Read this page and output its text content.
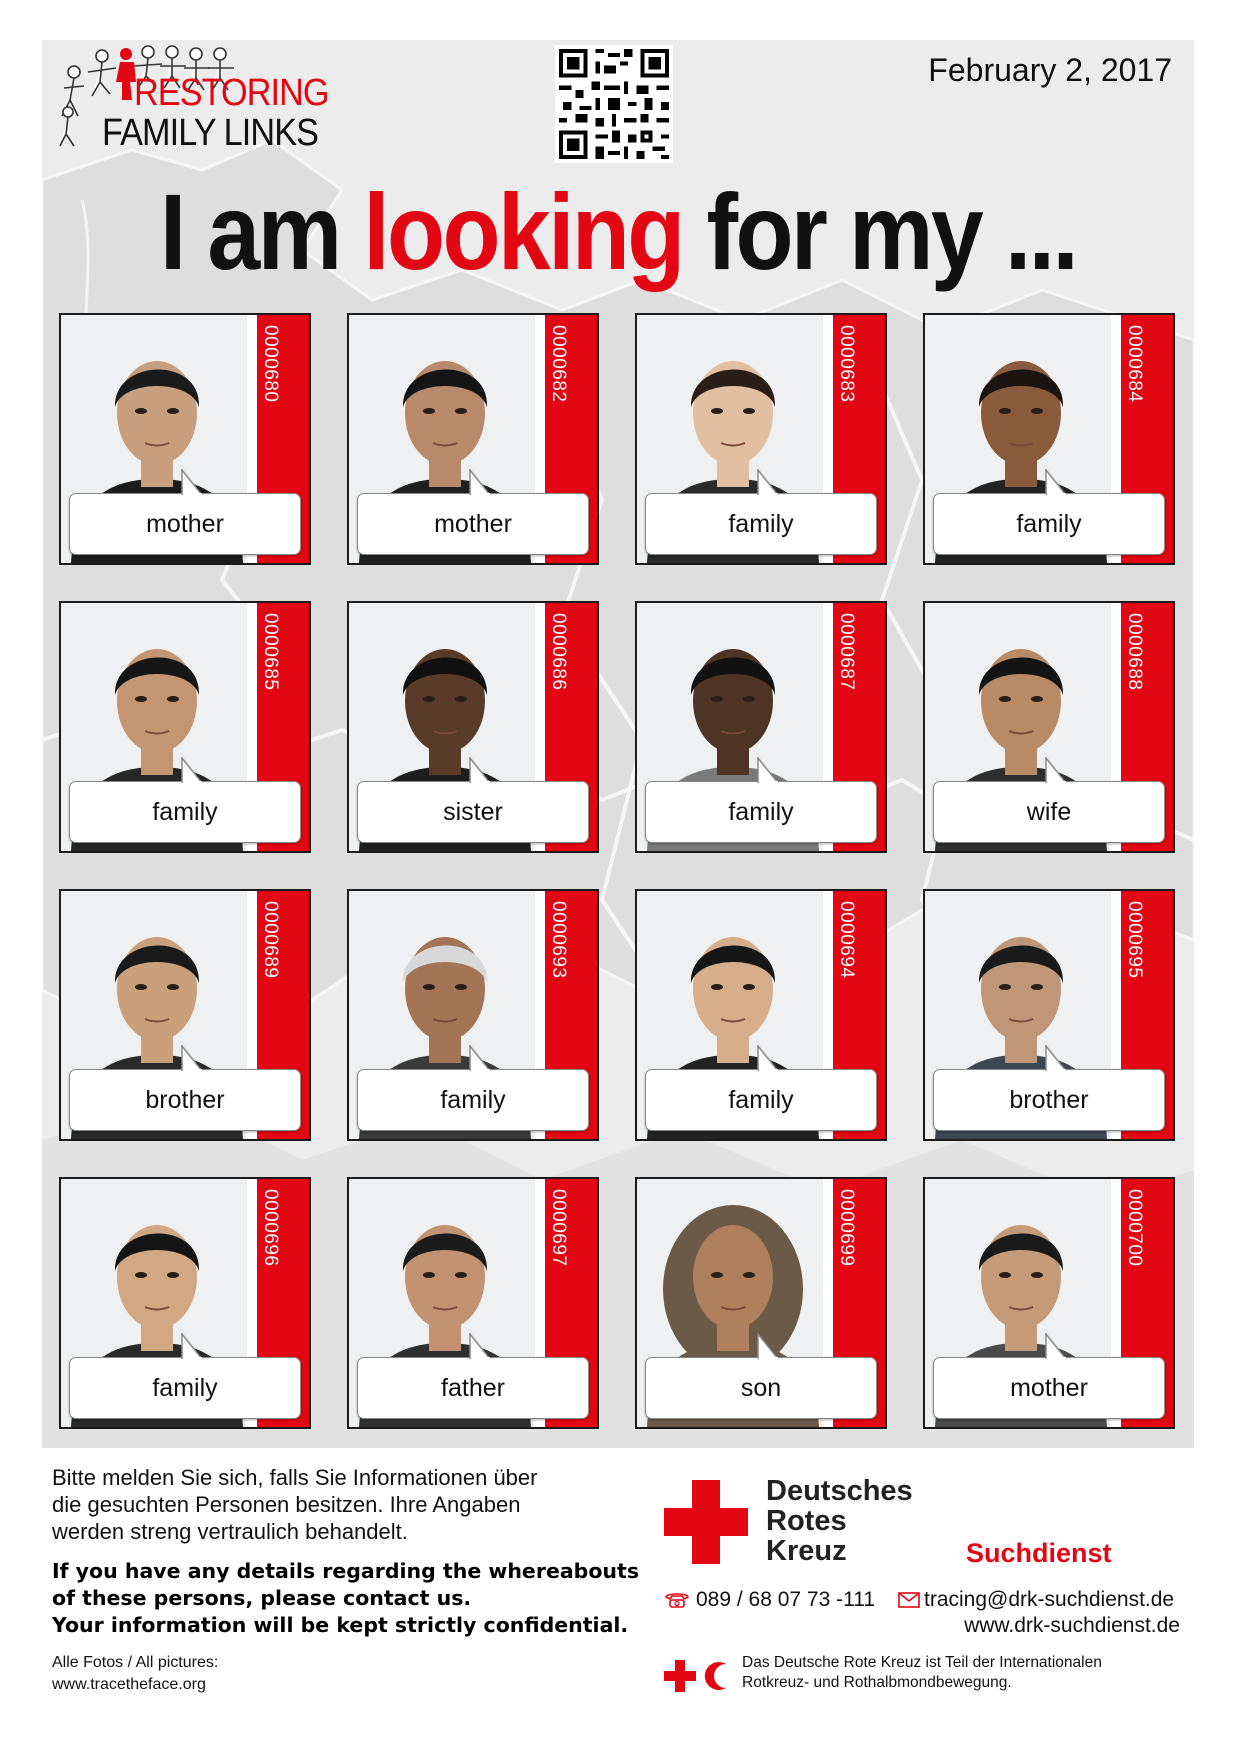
RESTORING
FAMILY LINKS
February 2, 2017
I am looking for my ...
0000680
mother
0000682
mother
0000683
family
0000684
family
0000685
family
0000686
sister
0000687
family
0000688
wife
0000689
brother
0000693
family
0000694
family
0000695
brother
0000696
family
0000697
father
0000699
son
0000700
mother
Bitte melden Sie sich, falls Sie Informationen über
die gesuchten Personen besitzen. Ihre Angaben
werden streng vertraulich behandelt.
If you have any details regarding the whereabouts
of these persons, please contact us.
Your information will be kept strictly confidential.
Alle Fotos / All pictures:
www.tracetheface.org
Deutsches
Rotes
Kreuz	Suchdienst
089 / 68 07 73 -111 tracing@drk-suchdienst.de
www.drk-suchdienst.de
Das Deutsche Rote Kreuz ist Teil der Internationalen
Rotkreuz- und Rothalbmondbewegung.
